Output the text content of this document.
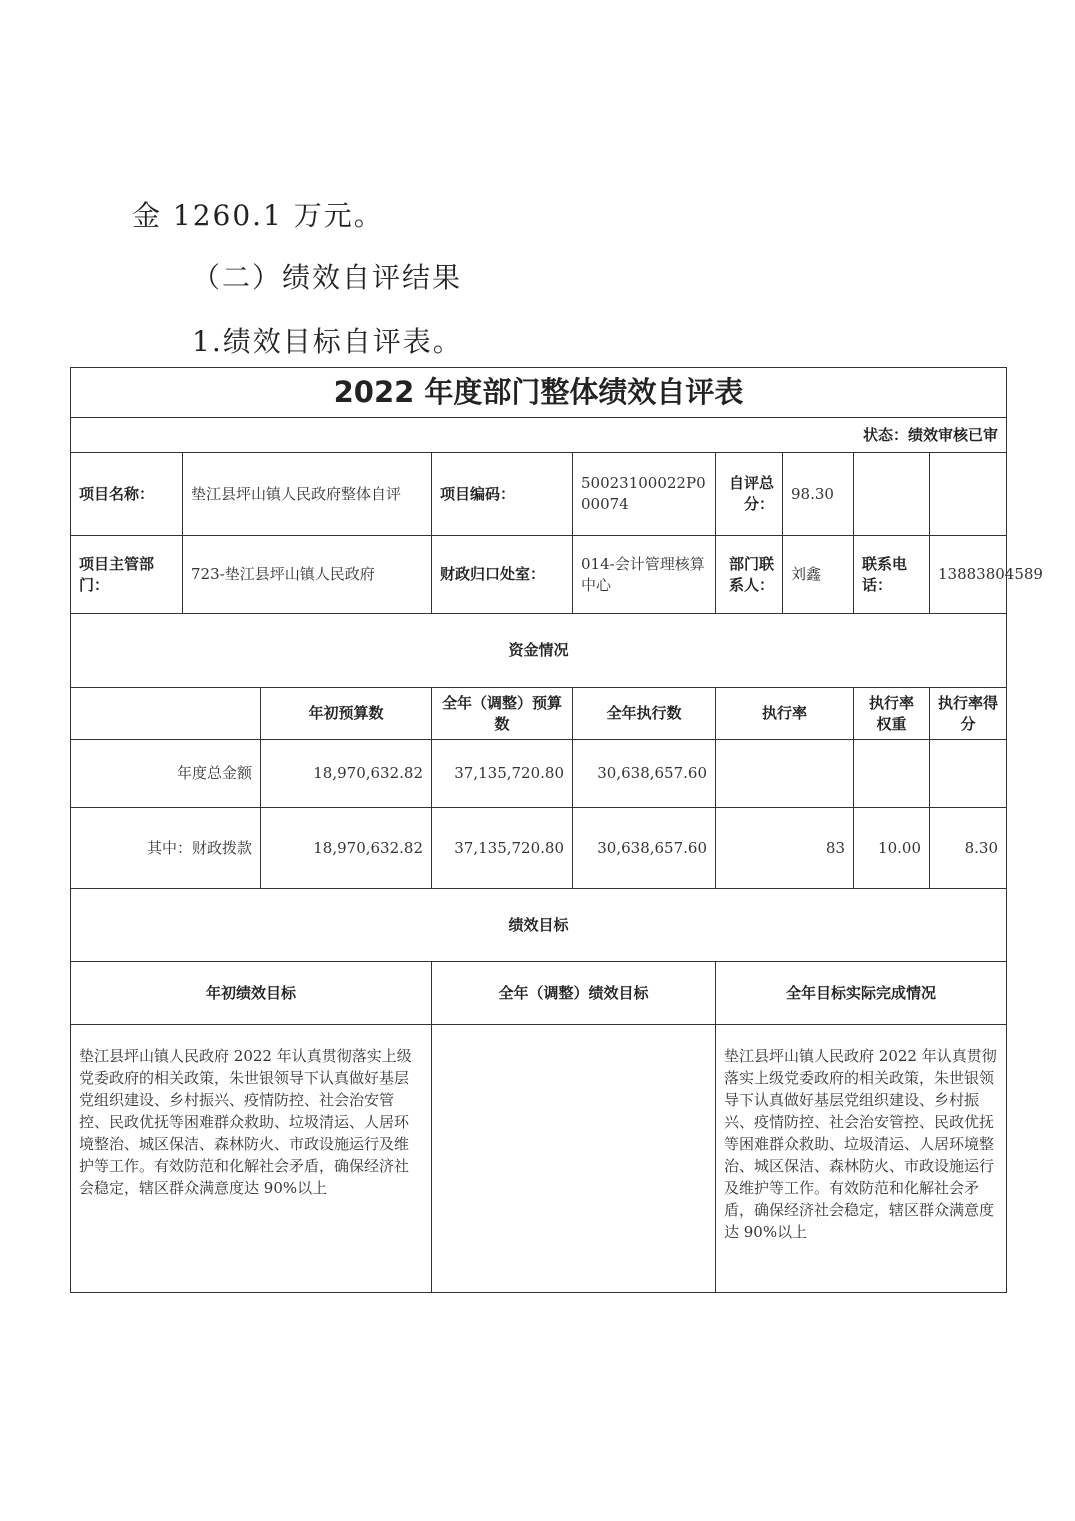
金 1260.1 万元。
（二）绩效自评结果
1.绩效目标自评表。
2022 年度部门整体绩效自评表								
状态：绩效审核已审								
项目名称：	垫江县坪山镇人民政府整体自评		项目编码：	50023100022P000074	自评总分：	98.30		
项目主管部门：	723-垫江县坪山镇人民政府		财政归口处室：	014-会计管理核算中心	部门联系人：	刘鑫	联系电话：	13883804589
资金情况								
		年初预算数	全年（调整）预算数	全年执行数	执行率		执行率权重	执行率得分
年度总金额		18,970,632.82	37,135,720.80	30,638,657.60				
其中：财政拨款		18,970,632.82	37,135,720.80	30,638,657.60	83		10.00	8.30
绩效目标								
年初绩效目标			全年（调整）绩效目标		全年目标实际完成情况			
垫江县坪山镇人民政府 2022 年认真贯彻落实上级党委政府的相关政策，朱世银领导下认真做好基层党组织建设、乡村振兴、疫情防控、社会治安管控、民政优抚等困难群众救助、垃圾清运、人居环境整治、城区保洁、森林防火、市政设施运行及维护等工作。有效防范和化解社会矛盾，确保经济社会稳定，辖区群众满意度达 90%以上					垫江县坪山镇人民政府 2022 年认真贯彻落实上级党委政府的相关政策，朱世银领导下认真做好基层党组织建设、乡村振兴、疫情防控、社会治安管控、民政优抚等困难群众救助、垃圾清运、人居环境整治、城区保洁、森林防火、市政设施运行及维护等工作。有效防范和化解社会矛盾，确保经济社会稳定，辖区群众满意度达 90%以上			
